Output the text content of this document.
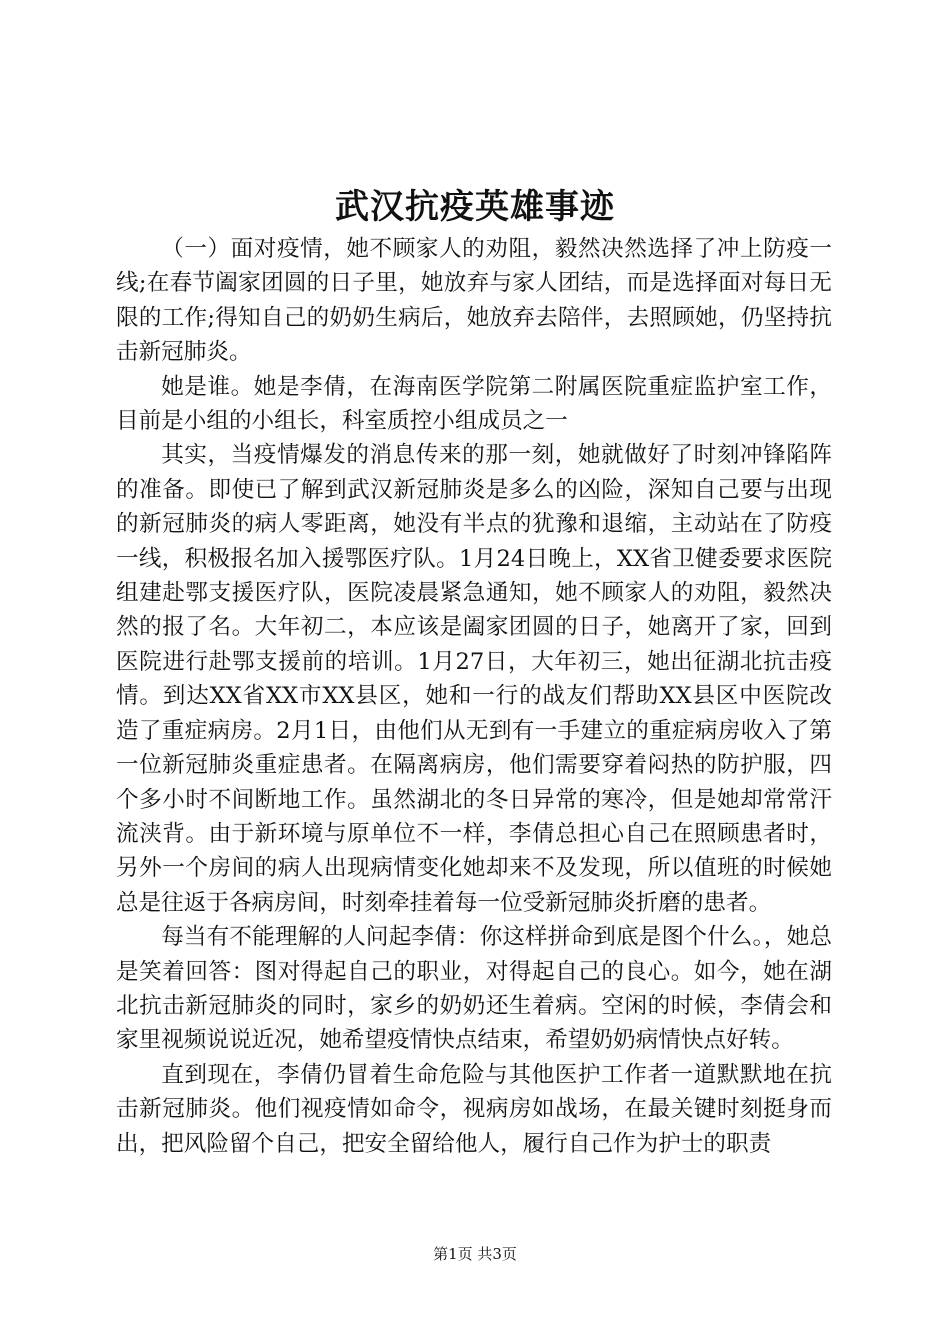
武汉抗疫英雄事迹

（一）面对疫情，她不顾家人的劝阻，毅然决然选择了冲上防疫一线;在春节阖家团圆的日子里，她放弃与家人团结，而是选择面对每日无限的工作;得知自己的奶奶生病后，她放弃去陪伴，去照顾她，仍坚持抗击新冠肺炎。

她是谁。她是李倩，在海南医学院第二附属医院重症监护室工作，目前是小组的小组长，科室质控小组成员之一

其实，当疫情爆发的消息传来的那一刻，她就做好了时刻冲锋陷阵的准备。即使已了解到武汉新冠肺炎是多么的凶险，深知自己要与出现的新冠肺炎的病人零距离，她没有半点的犹豫和退缩，主动站在了防疫一线，积极报名加入援鄂医疗队。1月24日晚上，XX省卫健委要求医院组建赴鄂支援医疗队，医院凌晨紧急通知，她不顾家人的劝阻，毅然决然的报了名。大年初二，本应该是阖家团圆的日子，她离开了家，回到医院进行赴鄂支援前的培训。1月27日，大年初三，她出征湖北抗击疫情。到达XX省XX市XX县区，她和一行的战友们帮助XX县区中医院改造了重症病房。2月1日，由他们从无到有一手建立的重症病房收入了第一位新冠肺炎重症患者。在隔离病房，他们需要穿着闷热的防护服，四个多小时不间断地工作。虽然湖北的冬日异常的寒冷，但是她却常常汗流浃背。由于新环境与原单位不一样，李倩总担心自己在照顾患者时，另外一个房间的病人出现病情变化她却来不及发现，所以值班的时候她总是往返于各病房间，时刻牵挂着每一位受新冠肺炎折磨的患者。

每当有不能理解的人问起李倩：你这样拼命到底是图个什么。，她总是笑着回答：图对得起自己的职业，对得起自己的良心。如今，她在湖北抗击新冠肺炎的同时，家乡的奶奶还生着病。空闲的时候，李倩会和家里视频说说近况，她希望疫情快点结束，希望奶奶病情快点好转。

直到现在，李倩仍冒着生命危险与其他医护工作者一道默默地在抗击新冠肺炎。他们视疫情如命令，视病房如战场，在最关键时刻挺身而出，把风险留个自己，把安全留给他人，履行自己作为护士的职责

第1页 共3页
